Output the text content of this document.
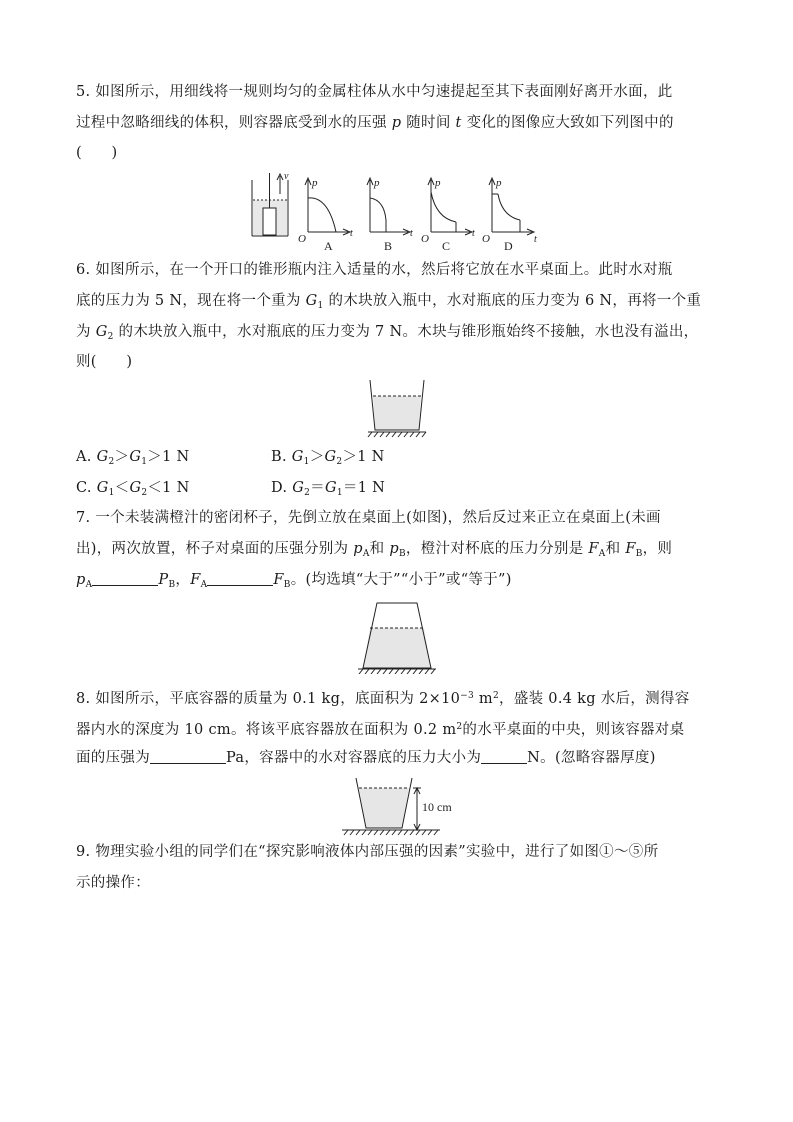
5. 如图所示，用细线将一规则均匀的金属柱体从水中匀速提起至其下表面刚好离开水面，此
过程中忽略细线的体积，则容器底受到水的压强 p 随时间 t 变化的图像应大致如下列图中的
(　　)
v
p
t
O A
p
t
B
p
t
O C
p
t
O D
6. 如图所示，在一个开口的锥形瓶内注入适量的水，然后将它放在水平桌面上。此时水对瓶
底的压力为 5 N，现在将一个重为 $G_1$ 的木块放入瓶中，水对瓶底的压力变为 6 N，再将一个重
为 $G_2$ 的木块放入瓶中，水对瓶底的压力变为 7 N。木块与锥形瓶始终不接触，水也没有溢出，
则(　　)
A. $G_2>G_1>1$ N	B. $G_1>G_2>1$ N
C. $G_1<G_2<1$ N	D. $G_2=G_1=1$ N
7. 一个未装满橙汁的密闭杯子，先倒立放在桌面上(如图)，然后反过来正立在桌面上(未画
出)，两次放置，杯子对桌面的压强分别为 $p_A$和 $p_B$，橙汁对杯底的压力分别是 $F_A$和 $F_B$，则
$p_A$	$P_B$，$F_A$	$F_B$。(均选填“大于”“小于”或“等于”)
8. 如图所示，平底容器的质量为 0.1 kg，底面积为 $2\times 10^{-3}$ $m^2$，盛装 0.4 kg 水后，测得容
器内水的深度为 10 cm。将该平底容器放在面积为 0.2 $m^2$的水平桌面的中央，则该容器对桌
面的压强为	Pa，容器中的水对容器底的压力大小为	N。(忽略容器厚度)
10 cm
9. 物理实验小组的同学们在“探究影响液体内部压强的因素”实验中，进行了如图①～⑤所
示的操作：
